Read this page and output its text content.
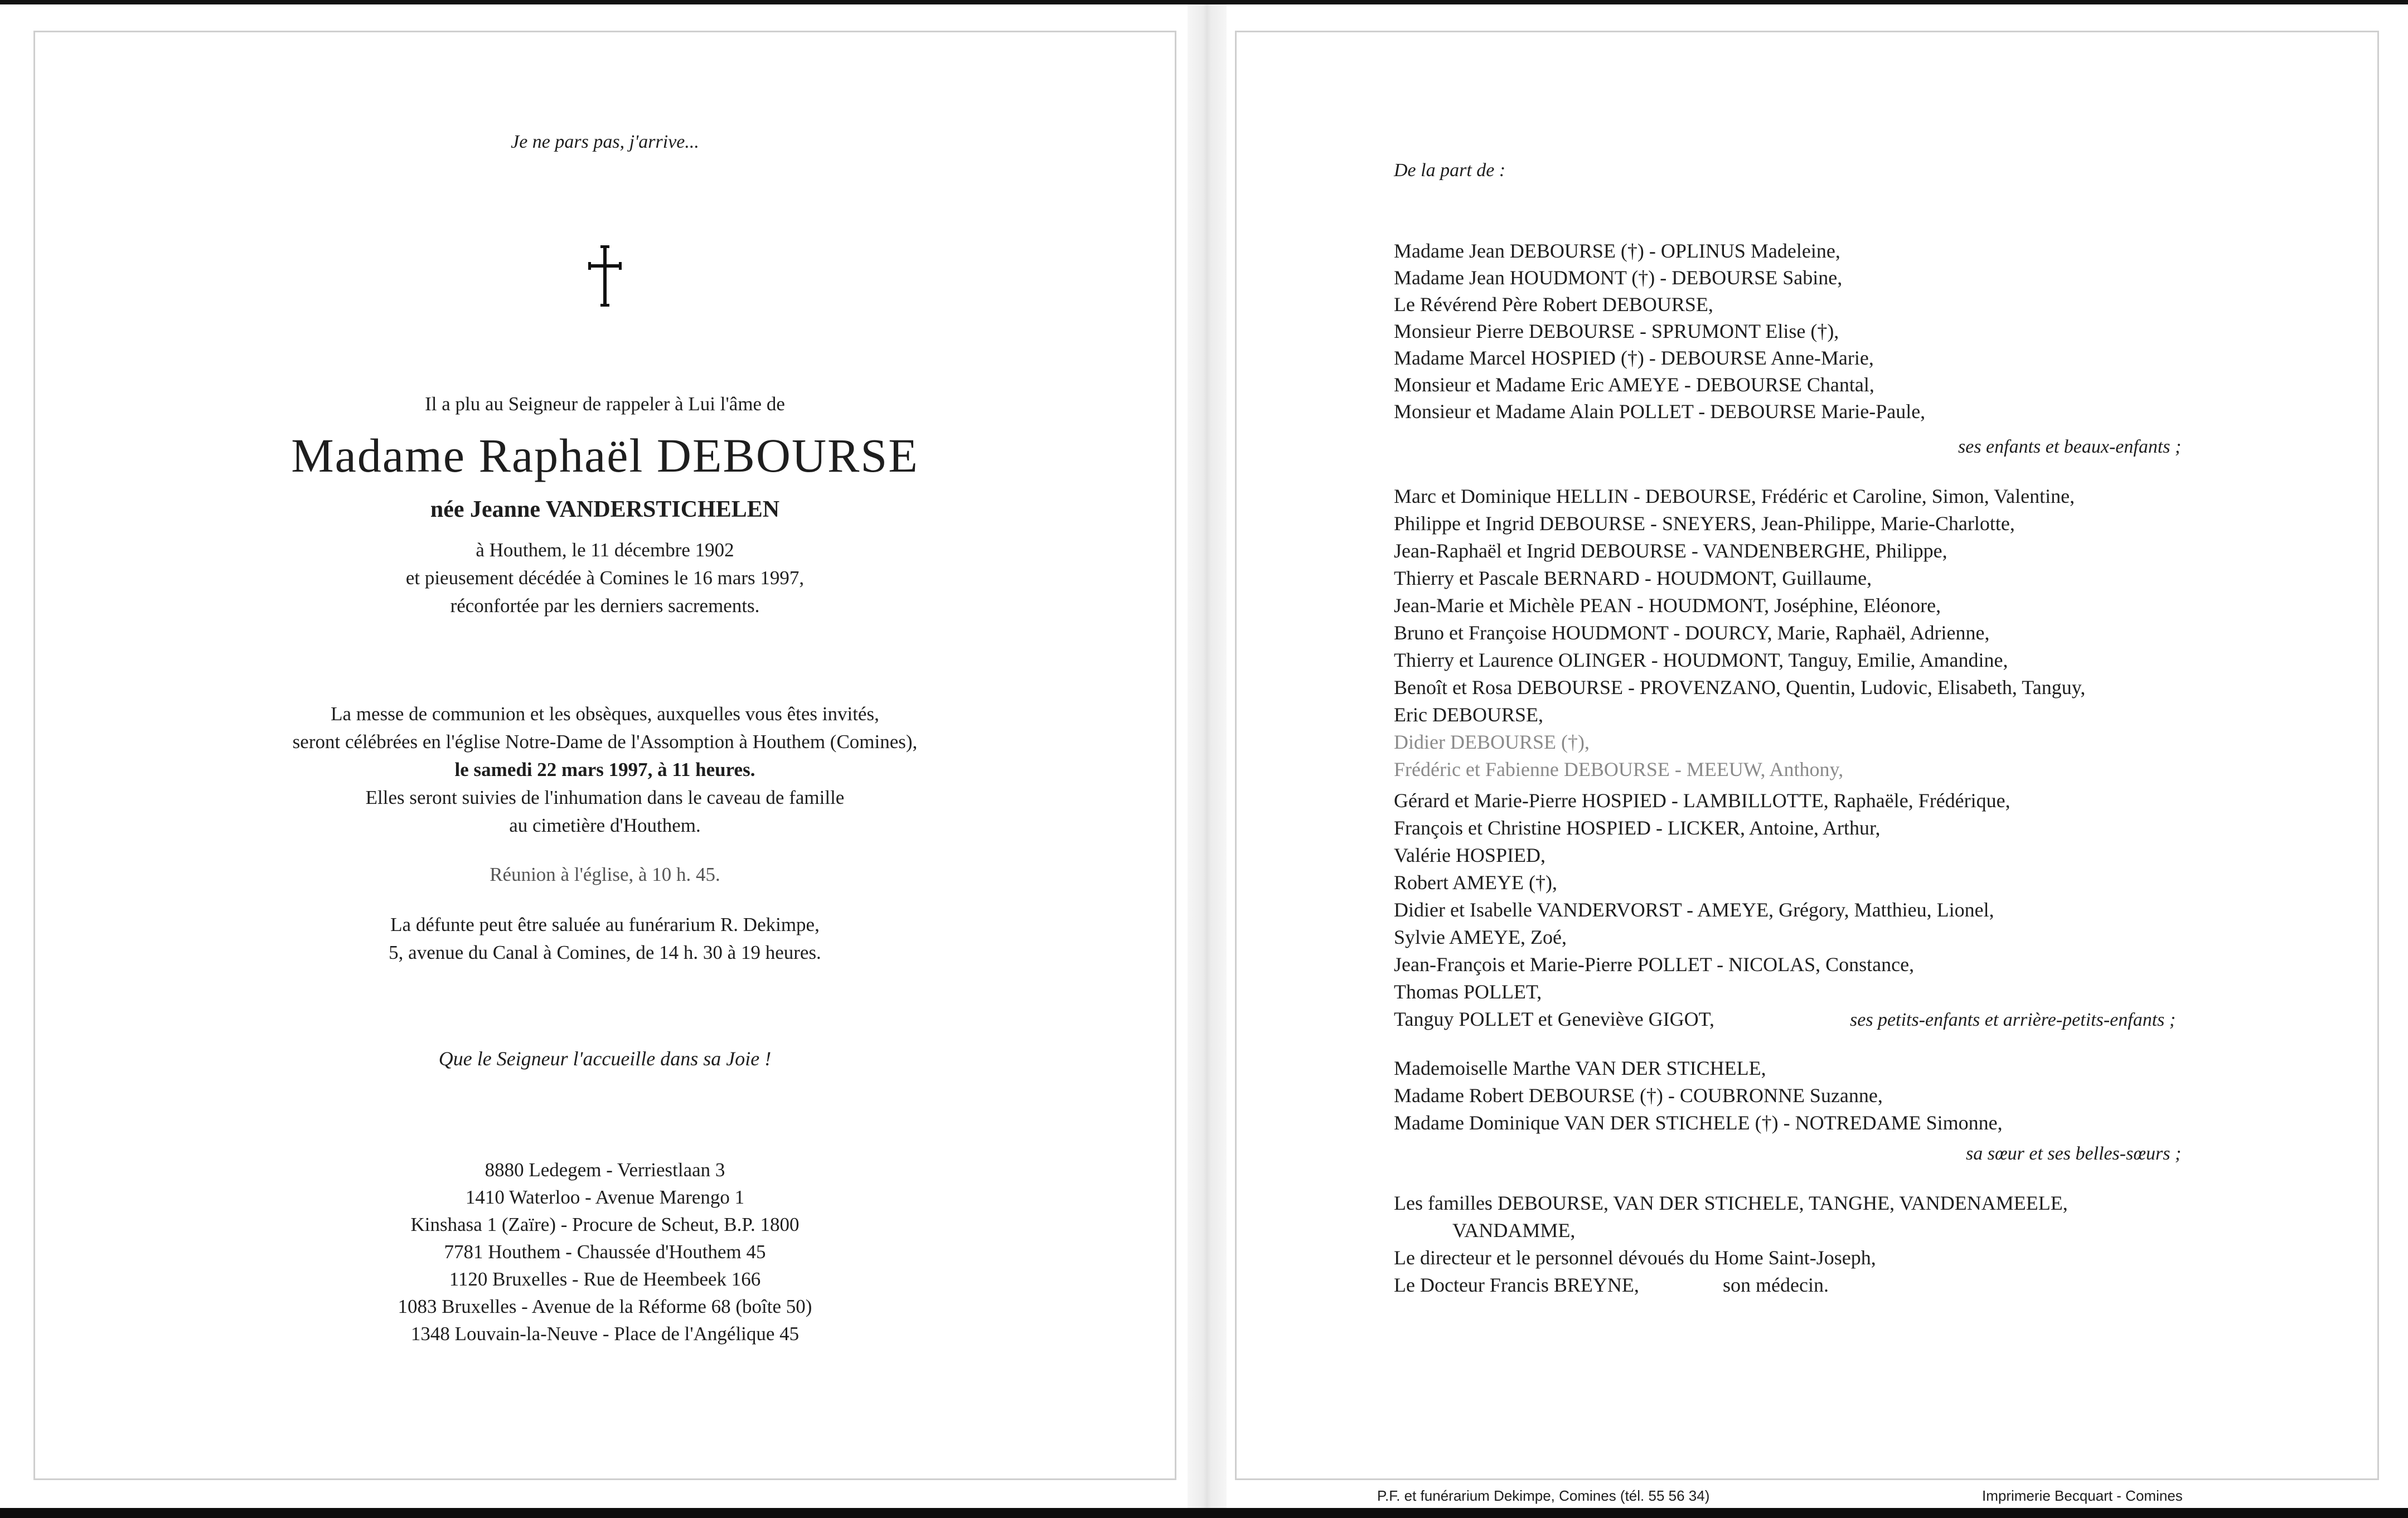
Je ne pars pas, j'arrive...
Il a plu au Seigneur de rappeler à Lui l'âme de
Madame Raphaël DEBOURSE
née Jeanne VANDERSTICHELEN
à Houthem, le 11 décembre 1902
et pieusement décédée à Comines le 16 mars 1997,
réconfortée par les derniers sacrements.
La messe de communion et les obsèques, auxquelles vous êtes invités,
seront célébrées en l'église Notre-Dame de l'Assomption à Houthem (Comines),
le samedi 22 mars 1997, à 11 heures.
Elles seront suivies de l'inhumation dans le caveau de famille
au cimetière d'Houthem.
Réunion à l'église, à 10 h. 45.
La défunte peut être saluée au funérarium R. Dekimpe,
5, avenue du Canal à Comines, de 14 h. 30 à 19 heures.
Que le Seigneur l'accueille dans sa Joie !
8880 Ledegem - Verriestlaan 3
1410 Waterloo - Avenue Marengo 1
Kinshasa 1 (Zaïre) - Procure de Scheut, B.P. 1800
7781 Houthem - Chaussée d'Houthem 45
1120 Bruxelles - Rue de Heembeek 166
1083 Bruxelles - Avenue de la Réforme 68 (boîte 50)
1348 Louvain-la-Neuve - Place de l'Angélique 45
De la part de :
Madame Jean DEBOURSE (†) - OPLINUS Madeleine,
Madame Jean HOUDMONT (†) - DEBOURSE Sabine,
Le Révérend Père Robert DEBOURSE,
Monsieur Pierre DEBOURSE - SPRUMONT Elise (†),
Madame Marcel HOSPIED (†) - DEBOURSE Anne-Marie,
Monsieur et Madame Eric AMEYE - DEBOURSE Chantal,
Monsieur et Madame Alain POLLET - DEBOURSE Marie-Paule,
ses enfants et beaux-enfants ;
Marc et Dominique HELLIN - DEBOURSE, Frédéric et Caroline, Simon, Valentine,
Philippe et Ingrid DEBOURSE - SNEYERS, Jean-Philippe, Marie-Charlotte,
Jean-Raphaël et Ingrid DEBOURSE - VANDENBERGHE, Philippe,
Thierry et Pascale BERNARD - HOUDMONT, Guillaume,
Jean-Marie et Michèle PEAN - HOUDMONT, Joséphine, Eléonore,
Bruno et Françoise HOUDMONT - DOURCY, Marie, Raphaël, Adrienne,
Thierry et Laurence OLINGER - HOUDMONT, Tanguy, Emilie, Amandine,
Benoît et Rosa DEBOURSE - PROVENZANO, Quentin, Ludovic, Elisabeth, Tanguy,
Eric DEBOURSE,
Didier DEBOURSE (†),
Frédéric et Fabienne DEBOURSE - MEEUW, Anthony,
Gérard et Marie-Pierre HOSPIED - LAMBILLOTTE, Raphaële, Frédérique,
François et Christine HOSPIED - LICKER, Antoine, Arthur,
Valérie HOSPIED,
Robert AMEYE (†),
Didier et Isabelle VANDERVORST - AMEYE, Grégory, Matthieu, Lionel,
Sylvie AMEYE, Zoé,
Jean-François et Marie-Pierre POLLET - NICOLAS, Constance,
Thomas POLLET,
Tanguy POLLET et Geneviève GIGOT,	ses petits-enfants et arrière-petits-enfants ;
Mademoiselle Marthe VAN DER STICHELE,
Madame Robert DEBOURSE (†) - COUBRONNE Suzanne,
Madame Dominique VAN DER STICHELE (†) - NOTREDAME Simonne,
sa sœur et ses belles-sœurs ;
Les familles DEBOURSE, VAN DER STICHELE, TANGHE, VANDENAMEELE,
VANDAMME,
Le directeur et le personnel dévoués du Home Saint-Joseph,
Le Docteur Francis BREYNE,	son médecin.
P.F. et funérarium Dekimpe, Comines (tél. 55 56 34)	Imprimerie Becquart - Comines
